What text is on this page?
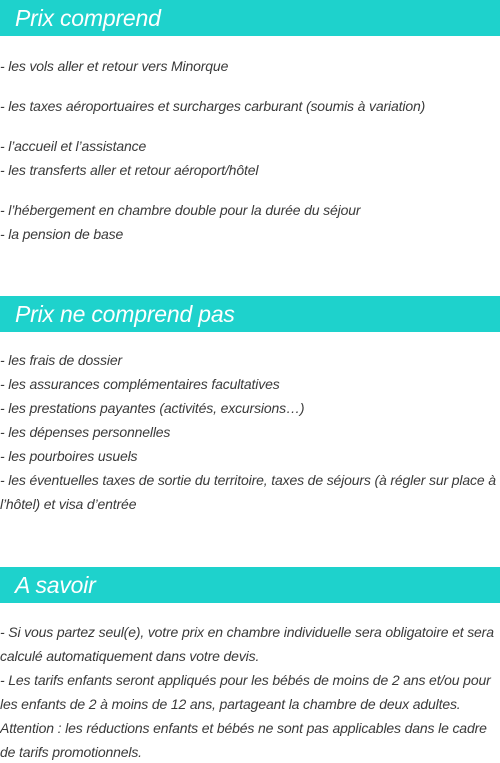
Prix comprend
- les vols aller et retour vers Minorque
- les taxes aéroportuaires et surcharges carburant (soumis à variation)
- l’accueil et l’assistance
- les transferts aller et retour aéroport/hôtel
- l’hébergement en chambre double pour la durée du séjour
- la pension de base
Prix ne comprend pas
- les frais de dossier
- les assurances complémentaires facultatives
- les prestations payantes (activités, excursions…)
- les dépenses personnelles
- les pourboires usuels
- les éventuelles taxes de sortie du territoire, taxes de séjours (à régler sur place à l’hôtel) et visa d’entrée
A savoir
- Si vous partez seul(e), votre prix en chambre individuelle sera obligatoire et sera calculé automatiquement dans votre devis.
- Les tarifs enfants seront appliqués pour les bébés de moins de 2 ans et/ou pour les enfants de 2 à moins de 12 ans, partageant la chambre de deux adultes.
Attention : les réductions enfants et bébés ne sont pas applicables dans le cadre de tarifs promotionnels.
